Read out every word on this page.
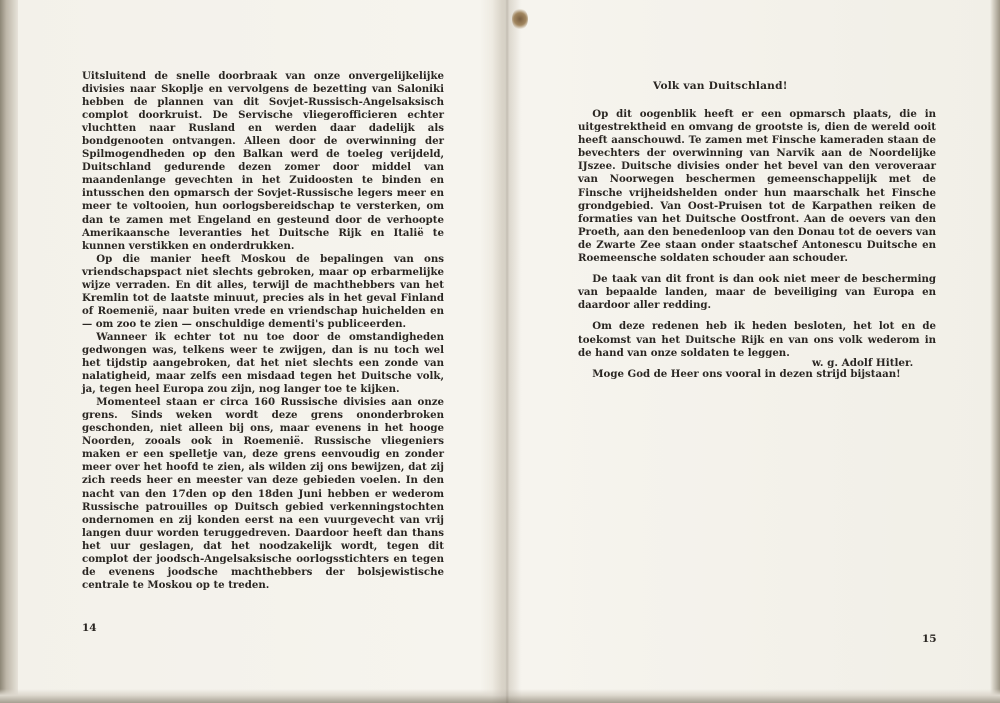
Uitsluitend de snelle doorbraak van onze onvergelijkelijke divisies naar Skoplje en vervolgens de bezetting van Saloniki hebben de plannen van dit Sovjet-Russisch-Angelsaksisch complot doorkruist. De Servische vliegerofficieren echter vluchtten naar Rusland en werden daar dadelijk als bondgenooten ontvangen. Alleen door de overwinning der Spilmogendheden op den Balkan werd de toeleg verijdeld, Duitschland gedurende dezen zomer door middel van maandenlange gevechten in het Zuidoosten te binden en intusschen den opmarsch der Sovjet-Russische legers meer en meer te voltooien, hun oorlogsbereidschap te versterken, om dan te zamen met Engeland en gesteund door de verhoopte Amerikaansche leveranties het Duitsche Rijk en Italië te kunnen verstikken en onderdrukken.

Op die manier heeft Moskou de bepalingen van ons vriendschapspact niet slechts gebroken, maar op erbarmelijke wijze verraden. En dit alles, terwijl de machthebbers van het Kremlin tot de laatste minuut, precies als in het geval Finland of Roemenië, naar buiten vrede en vriendschap huichelden en — om zoo te zien — onschuldige dementi's publiceerden.

Wanneer ik echter tot nu toe door de omstandigheden gedwongen was, telkens weer te zwijgen, dan is nu toch wel het tijdstip aangebroken, dat het niet slechts een zonde van nalatigheid, maar zelfs een misdaad tegen het Duitsche volk, ja, tegen heel Europa zou zijn, nog langer toe te kijken.

Momenteel staan er circa 160 Russische divisies aan onze grens. Sinds weken wordt deze grens ononderbroken geschonden, niet alleen bij ons, maar evenens in het hooge Noorden, zooals ook in Roemenië. Russische vliegeniers maken er een spelletje van, deze grens eenvoudig en zonder meer over het hoofd te zien, als wilden zij ons bewijzen, dat zij zich reeds heer en meester van deze gebieden voelen. In den nacht van den 17den op den 18den Juni hebben er wederom Russische patrouilles op Duitsch gebied verkenningstochten ondernomen en zij konden eerst na een vuurgevecht van vrij langen duur worden teruggedreven. Daardoor heeft dan thans het uur geslagen, dat het noodzakelijk wordt, tegen dit complot der joodsch-Angelsaksische oorlogsstichters en tegen de evenens joodsche machthebbers der bolsjewistische centrale te Moskou op te treden.

14
Volk van Duitschland!

Op dit oogenblik heeft er een opmarsch plaats, die in uitgestrektheid en omvang de grootste is, dien de wereld ooit heeft aanschouwd. Te zamen met Finsche kameraden staan de bevechters der overwinning van Narvik aan de Noordelijke IJszee. Duitsche divisies onder het bevel van den veroveraar van Noorwegen beschermen gemeenschappelijk met de Finsche vrijheidshelden onder hun maarschalk het Finsche grondgebied. Van Oost-Pruisen tot de Karpathen reiken de formaties van het Duitsche Oostfront. Aan de oevers van den Proeth, aan den benedenloop van den Donau tot de oevers van de Zwarte Zee staan onder staatschef Antonescu Duitsche en Roemeensche soldaten schouder aan schouder.

De taak van dit front is dan ook niet meer de bescherming van bepaalde landen, maar de beveiliging van Europa en daardoor aller redding.

Om deze redenen heb ik heden besloten, het lot en de toekomst van het Duitsche Rijk en van ons volk wederom in de hand van onze soldaten te leggen.

Moge God de Heer ons vooral in dezen strijd bijstaan!

w. g. Adolf Hitler.
15
